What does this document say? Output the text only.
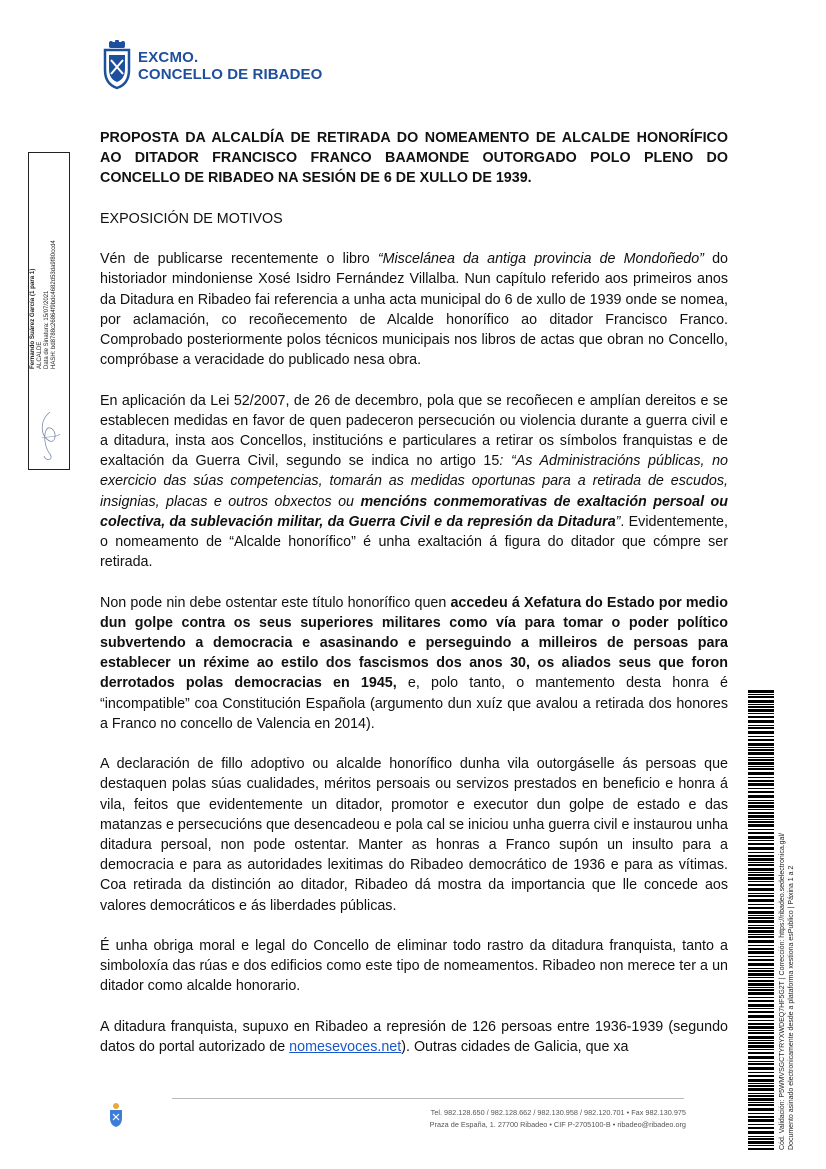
EXCMO.
CONCELLO DE RIBADEO
Fernando Suárez García (1 para 1) ALCALDE Data de Sinatura: 15/07/2021 HASH: bd8788c26864f9bdc4682d53da9f80ccd4

PROPOSTA DA ALCALDÍA DE RETIRADA DO NOMEAMENTO DE ALCALDE HONORÍFICO AO DITADOR FRANCISCO FRANCO BAAMONDE OUTORGADO POLO PLENO DO CONCELLO DE RIBADEO NA SESIÓN DE 6 DE XULLO DE 1939.

EXPOSICIÓN DE MOTIVOS

Vén de publicarse recentemente o libro “Miscelánea da antiga provincia de Mondoñedo” do historiador mindoniense Xosé Isidro Fernández Villalba. Nun capítulo referido aos primeiros anos da Ditadura en Ribadeo fai referencia a unha acta municipal do 6 de xullo de 1939 onde se nomea, por aclamación, co recoñecemento de Alcalde honorífico ao ditador Francisco Franco. Comprobado posteriormente polos técnicos municipais nos libros de actas que obran no Concello, compróbase a veracidade do publicado nesa obra.

En aplicación da Lei 52/2007, de 26 de decembro, pola que se recoñecen e amplían dereitos e se establecen medidas en favor de quen padeceron persecución ou violencia durante a guerra civil e a ditadura, insta aos Concellos, institucións e particulares a retirar os símbolos franquistas e de exaltación da Guerra Civil, segundo se indica no artigo 15: “As Administracións públicas, no exercicio das súas competencias, tomarán as medidas oportunas para a retirada de escudos, insignias, placas e outros obxectos ou mencións conmemorativas de exaltación persoal ou colectiva, da sublevación militar, da Guerra Civil e da represión da Ditadura”. Evidentemente, o nomeamento de “Alcalde honorífico” é unha exaltación á figura do ditador que cómpre ser retirada.

Non pode nin debe ostentar este título honorífico quen accedeu á Xefatura do Estado por medio dun golpe contra os seus superiores militares como vía para tomar o poder político subvertendo a democracia e asasinando e perseguindo a milleiros de persoas para establecer un réxime ao estilo dos fascismos dos anos 30, os aliados seus que foron derrotados polas democracias en 1945, e, polo tanto, o mantemento desta honra é “incompatible” coa Constitución Española (argumento dun xuíz que avalou a retirada dos honores a Franco no concello de Valencia en 2014).

A declaración de fillo adoptivo ou alcalde honorífico dunha vila outorgáselle ás persoas que destaquen polas súas cualidades, méritos persoais ou servizos prestados en beneficio e honra á vila, feitos que evidentemente un ditador, promotor e executor dun golpe de estado e das matanzas e persecucións que desencadeou e pola cal se iniciou unha guerra civil e instaurou unha ditadura persoal, non pode ostentar. Manter as honras a Franco supón un insulto para a democracia e para as autoridades lexitimas do Ribadeo democrático de 1936 e para as vítimas. Coa retirada da distinción ao ditador, Ribadeo dá mostra da importancia que lle concede aos valores democráticos e ás liberdades públicas.

É unha obriga moral e legal do Concello de eliminar todo rastro da ditadura franquista, tanto a simboloxía das rúas e dos edificios como este tipo de nomeamentos. Ribadeo non merece ter a un ditador como alcalde honorario.

A ditadura franquista, supuxo en Ribadeo a represión de 126 persoas entre 1936-1939 (segundo datos do portal autorizado de nomesevoces.net). Outras cidades de Galicia, que xa	Cód. Validación: P5WMVSGCTYRYXWDEQ7HF5G2T | Corrección: https://ribadeo.sedelectronica.gal/ Documento asinado electronicamente desde a plataforma xestiona esPublico | Páxina 1 a 2
Tel. 982.128.650 / 982.128.662 / 982.130.958 / 982.120.701 • Fax 982.130.975
Praza de España, 1. 27700 Ribadeo • CIF P-2705100-B • ribadeo@ribadeo.org
